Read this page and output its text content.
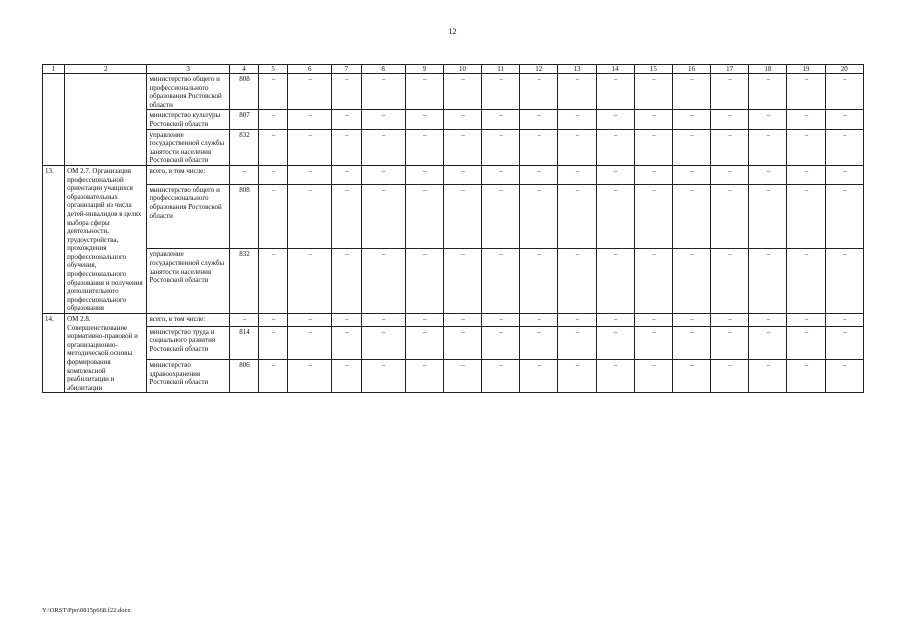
12
1	2	3	4	5	6	7	8	9	10	11	12	13	14	15	16	17	18	19	20
		министерство общего и профессионального образования Ростовской области	808	–	–	–	–	–	–	–	–	–	–	–	–	–	–	–	–
		министерство культуры Ростовской области	807	–	–	–	–	–	–	–	–	–	–	–	–	–	–	–	–
		управление государственной службы занятости населения Ростовской области	832	–	–	–	–	–	–	–	–	–	–	–	–	–	–	–	–
13.	ОМ 2.7. Организация профессиональной ориентации учащихся образовательных организаций из числа детей-инвалидов в целях выбора сферы деятельности, трудоустройства, прохождения профессионального обучения, профессионального образования и получения дополнительного профессионального образования	всего, в том числе:	–	–	–	–	–	–	–	–	–	–	–	–	–	–	–	–	–
		министерство общего и профессионального образования Ростовской области	808	–	–	–	–	–	–	–	–	–	–	–	–	–	–	–	–
		управление государственной службы занятости населения Ростовской области	832	–	–	–	–	–	–	–	–	–	–	–	–	–	–	–	–
14.	ОМ 2.8. Совершенствование нормативно-правовой и организационно-методической основы формирования комплексной реабилитации и абилитации	всего, в том числе:	–	–	–	–	–	–	–	–	–	–	–	–	–	–	–	–	–
		министерство труда и социального развития Ростовской области	814	–	–	–	–	–	–	–	–	–	–	–	–	–	–	–	–
		министерство здравоохранения Ростовской области	806	–	–	–	–	–	–	–	–	–	–	–	–	–	–	–	–
Y:\ORST\Ppo\0815p668.f22.docx
